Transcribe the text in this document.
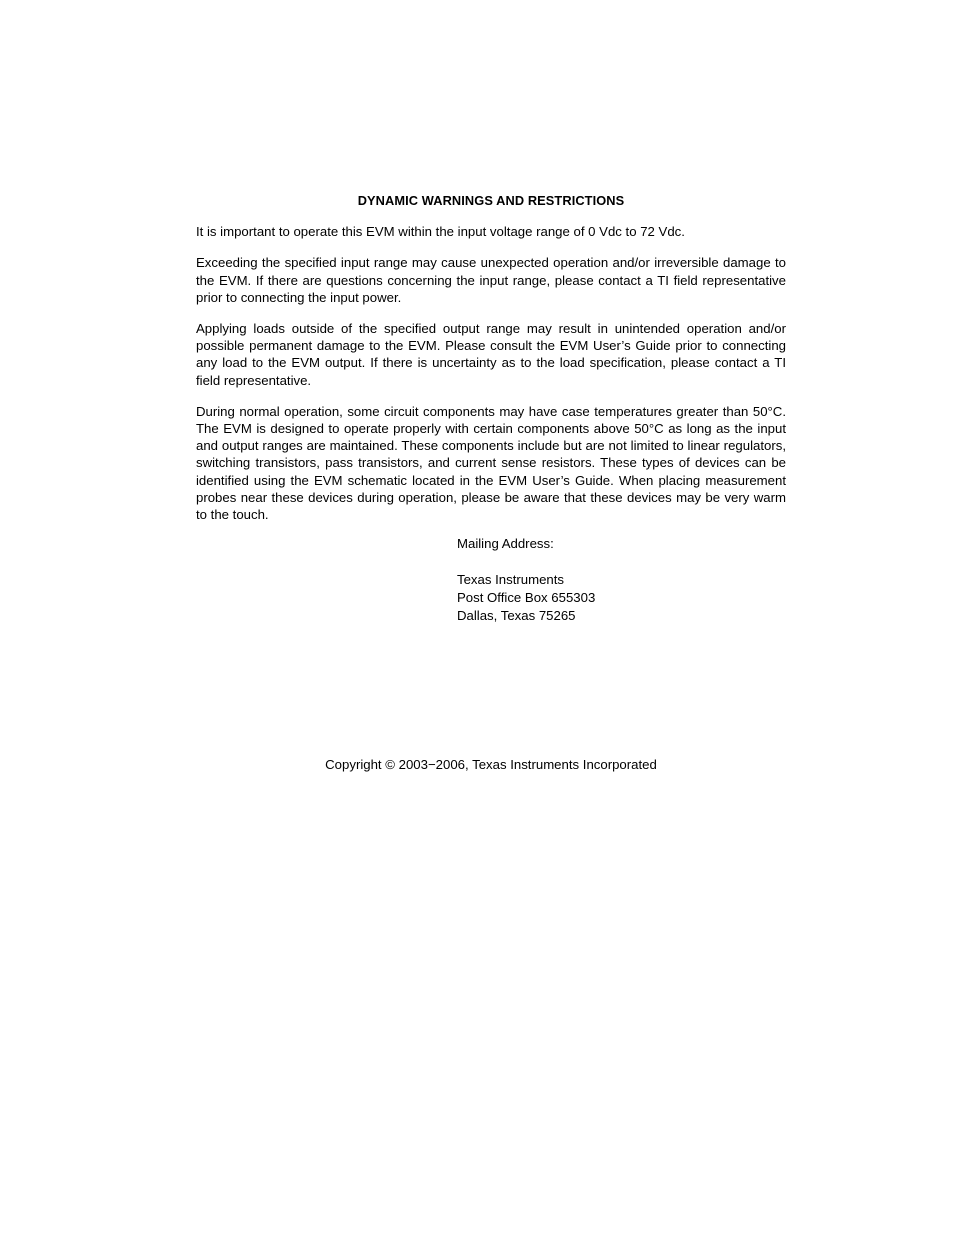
DYNAMIC WARNINGS AND RESTRICTIONS

It is important to operate this EVM within the input voltage range of 0 Vdc to 72 Vdc.

Exceeding the specified input range may cause unexpected operation and/or irreversible damage to the EVM. If there are questions concerning the input range, please contact a TI field representative prior to connecting the input power.

Applying loads outside of the specified output range may result in unintended operation and/or possible permanent damage to the EVM. Please consult the EVM User’s Guide prior to connecting any load to the EVM output. If there is uncertainty as to the load specification, please contact a TI field representative.

During normal operation, some circuit components may have case temperatures greater than 50°C. The EVM is designed to operate properly with certain components above 50°C as long as the input and output ranges are maintained. These components include but are not limited to linear regulators, switching transistors, pass transistors, and current sense resistors. These types of devices can be identified using the EVM schematic located in the EVM User’s Guide. When placing measurement probes near these devices during operation, please be aware that these devices may be very warm to the touch.

Mailing Address:
Texas Instruments
Post Office Box 655303
Dallas, Texas 75265
Copyright © 2003−2006, Texas Instruments Incorporated
